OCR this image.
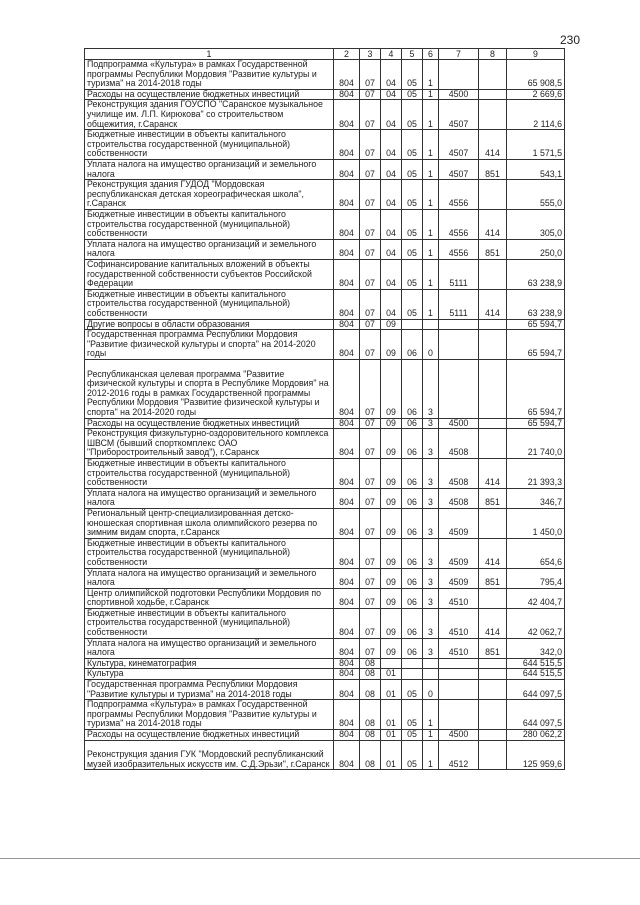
230
1	2	3	4	5	6	7	8	9
Подпрограмма «Культура» в рамках Государственной программы Республики Мордовия "Развитие культуры и туризма" на 2014-2018 годы	804	07	04	05	1			65 908,5
Расходы на осуществление бюджетных инвестиций	804	07	04	05	1	4500		2 669,6
Реконструкция здания ГОУСПО "Саранское музыкальное училище им. Л.П. Кирюкова" со строительством общежития, г.Саранск	804	07	04	05	1	4507		2 114,6
Бюджетные инвестиции в объекты капитального строительства государственной (муниципальной) собственности	804	07	04	05	1	4507	414	1 571,5
Уплата налога на имущество организаций и земельного налога	804	07	04	05	1	4507	851	543,1
Реконструкция здания ГУДОД "Мордовская республиканская детская хореографическая школа", г.Саранск	804	07	04	05	1	4556		555,0
Бюджетные инвестиции в объекты капитального строительства государственной (муниципальной) собственности	804	07	04	05	1	4556	414	305,0
Уплата налога на имущество организаций и земельного налога	804	07	04	05	1	4556	851	250,0
Софинансирование капитальных вложений в объекты государственной собственности субъектов Российской Федерации	804	07	04	05	1	5111		63 238,9
Бюджетные инвестиции в объекты капитального строительства государственной (муниципальной) собственности	804	07	04	05	1	5111	414	63 238,9
Другие вопросы в области образования	804	07	09					65 594,7
Государственная программа Республики Мордовия "Развитие физической культуры и спорта" на 2014-2020 годы	804	07	09	06	0			65 594,7
Республиканская целевая программа "Развитие физической культуры и спорта в Республике Мордовия" на 2012-2016 годы в рамках Государственной программы Республики Мордовия "Развитие физической культуры и спорта" на 2014-2020 годы	804	07	09	06	3			65 594,7
Расходы на осуществление бюджетных инвестиций	804	07	09	06	3	4500		65 594,7
Реконструкция физкультурно-оздоровительного комплекса ШВСМ (бывший спорткомплекс ОАО "Приборостроительный завод"), г.Саранск	804	07	09	06	3	4508		21 740,0
Бюджетные инвестиции в объекты капитального строительства государственной (муниципальной) собственности	804	07	09	06	3	4508	414	21 393,3
Уплата налога на имущество организаций и земельного налога	804	07	09	06	3	4508	851	346,7
Региональный центр-специализированная детско-юношеская спортивная школа олимпийского резерва по зимним видам спорта, г.Саранск	804	07	09	06	3	4509		1 450,0
Бюджетные инвестиции в объекты капитального строительства государственной (муниципальной) собственности	804	07	09	06	3	4509	414	654,6
Уплата налога на имущество организаций и земельного налога	804	07	09	06	3	4509	851	795,4
Центр олимпийской подготовки Республики Мордовия по спортивной ходьбе, г.Саранск	804	07	09	06	3	4510		42 404,7
Бюджетные инвестиции в объекты капитального строительства государственной (муниципальной) собственности	804	07	09	06	3	4510	414	42 062,7
Уплата налога на имущество организаций и земельного налога	804	07	09	06	3	4510	851	342,0
Культура, кинематография	804	08						644 515,5
Культура	804	08	01					644 515,5
Государственная программа Республики Мордовия "Развитие культуры и туризма" на 2014-2018 годы	804	08	01	05	0			644 097,5
Подпрограмма «Культура» в рамках Государственной программы Республики Мордовия "Развитие культуры и туризма" на 2014-2018 годы	804	08	01	05	1			644 097,5
Расходы на осуществление бюджетных инвестиций	804	08	01	05	1	4500		280 062,2
Реконструкция здания ГУК "Мордовский республиканский музей изобразительных искусств им. С.Д.Эрьзи", г.Саранск	804	08	01	05	1	4512		125 959,6
